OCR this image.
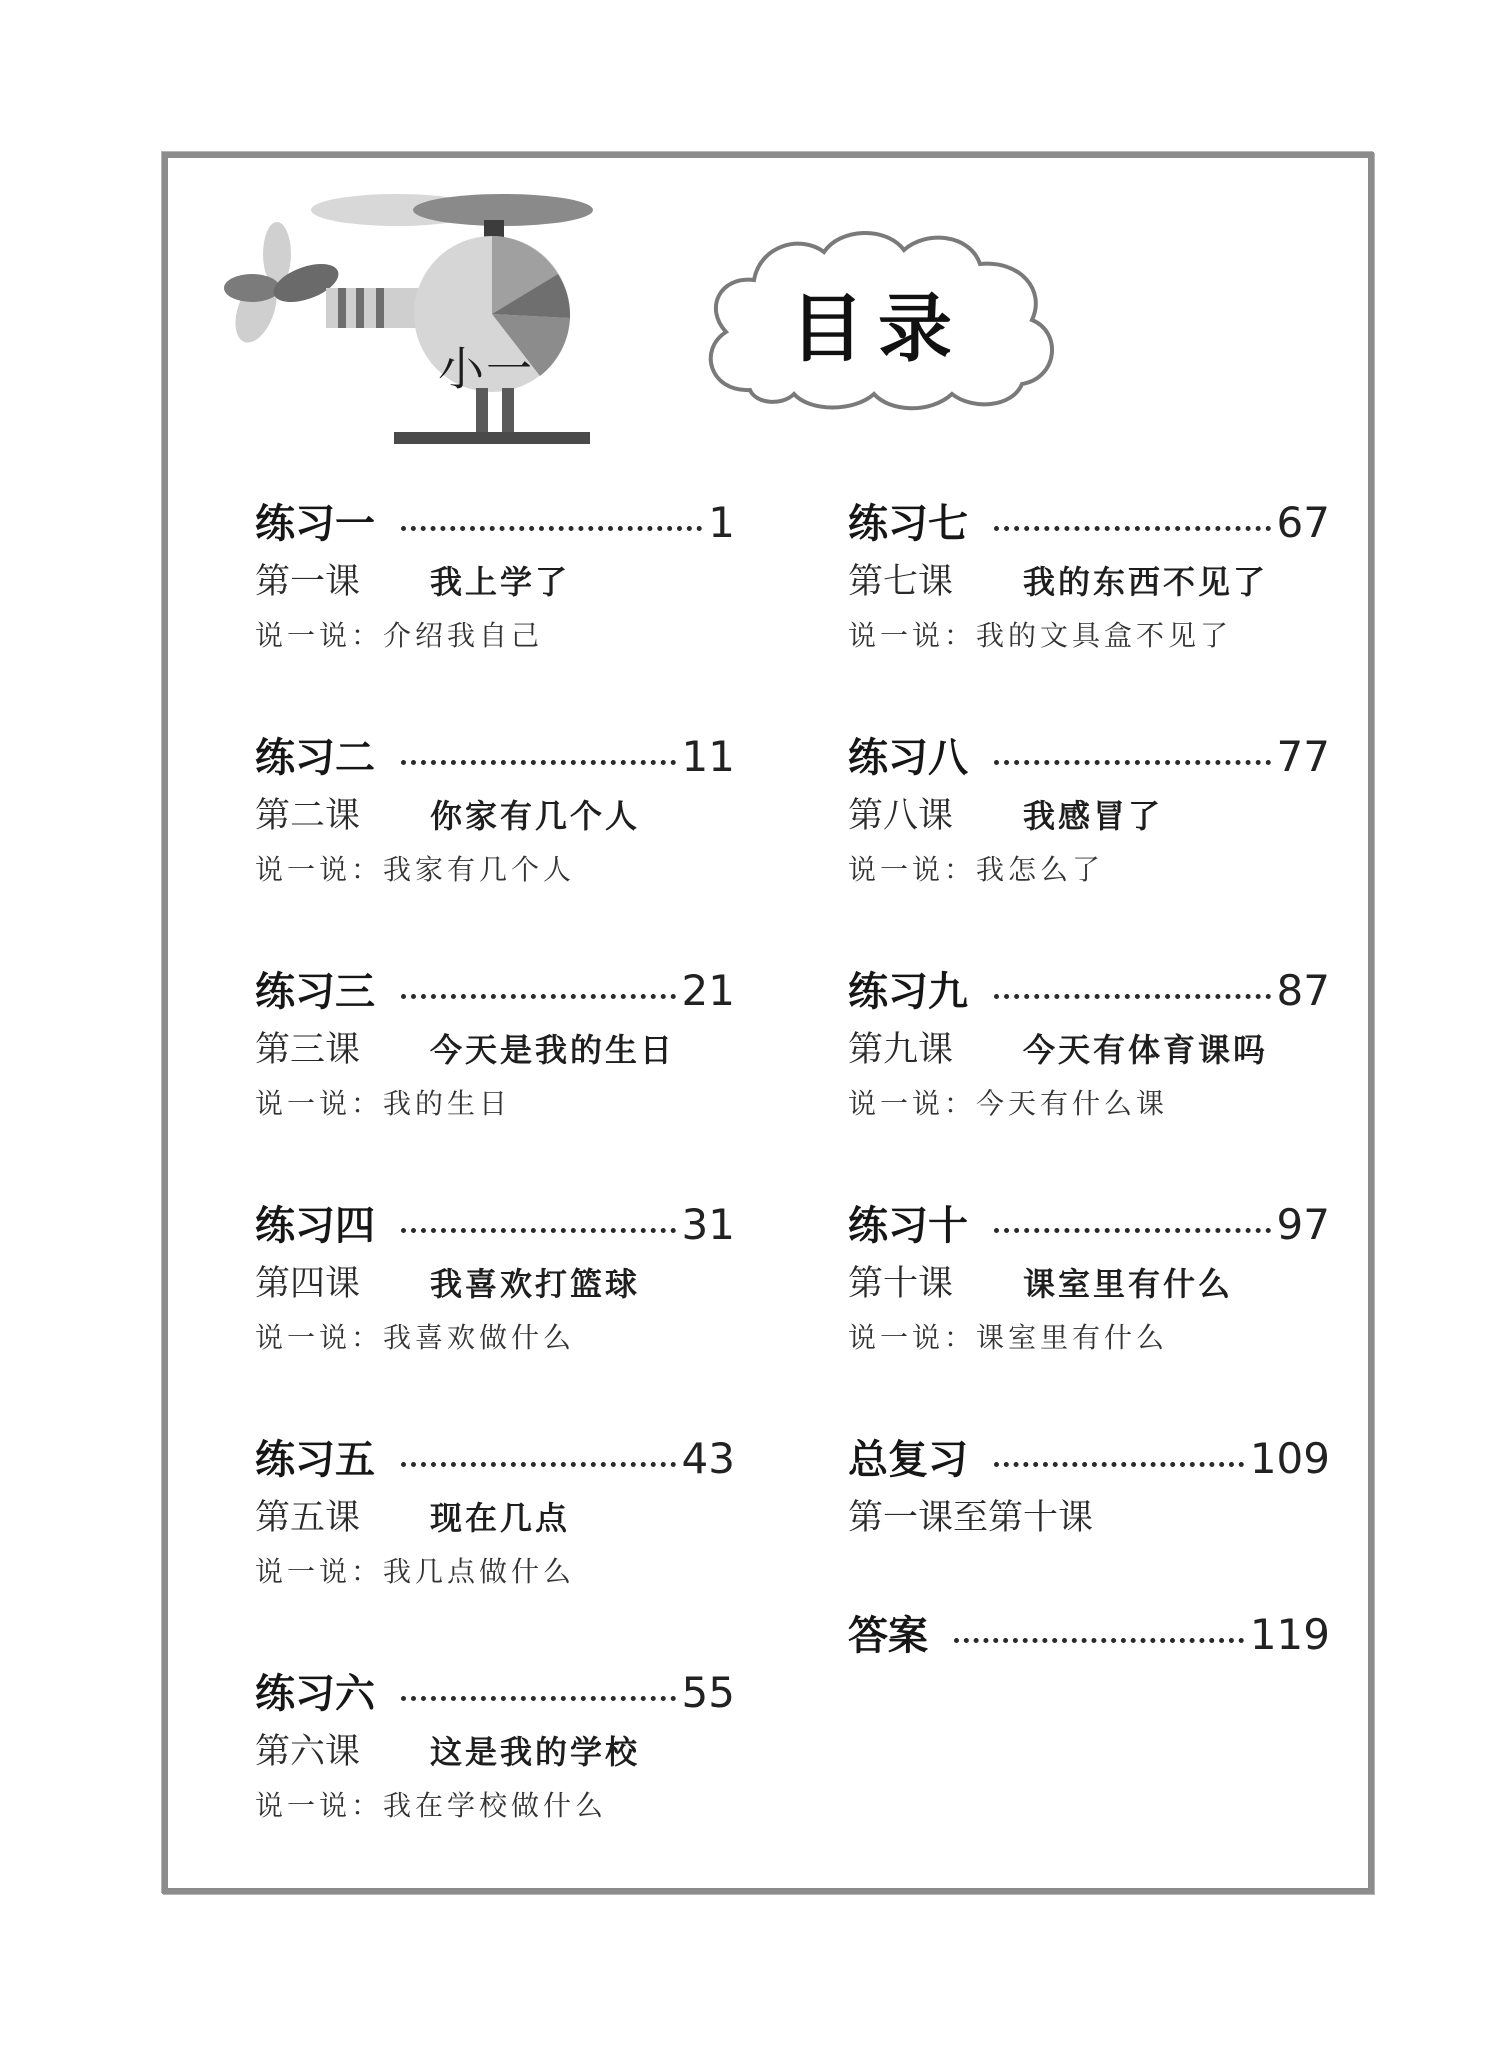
小一	目录
练习一	1
第一课	我上学了
说一说：介绍我自己
练习二	11
第二课	你家有几个人
说一说：我家有几个人
练习三	21
第三课	今天是我的生日
说一说：我的生日
练习四	31
第四课	我喜欢打篮球
说一说：我喜欢做什么
练习五	43
第五课	现在几点
说一说：我几点做什么
练习六	55
第六课	这是我的学校
说一说：我在学校做什么
练习七	67
第七课	我的东西不见了
说一说：我的文具盒不见了
练习八	77
第八课	我感冒了
说一说：我怎么了
练习九	87
第九课	今天有体育课吗
说一说：今天有什么课
练习十	97
第十课	课室里有什么
说一说：课室里有什么
总复习	109
第一课至第十课
答案	119
